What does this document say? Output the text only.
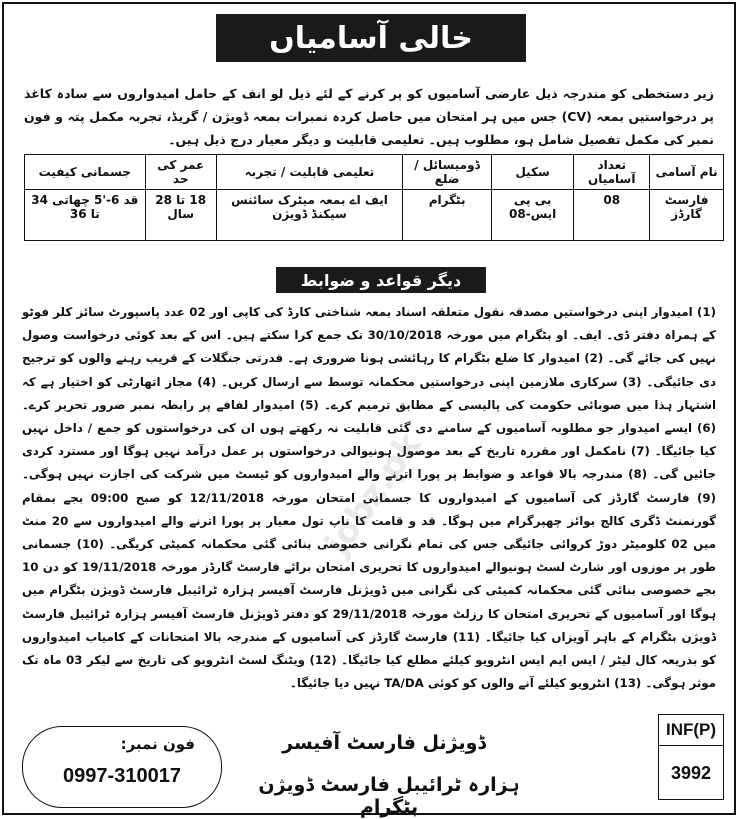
خالی آسامیاں
زیر دستخطی کو مندرجہ ذیل عارضی آسامیوں کو پر کرنے کے لئے ذیل لو انف کے حامل امیدواروں سے سادہ کاغذ پر درخواستیں بمعہ (CV) جس میں ہر امتحان میں حاصل کردہ نمبرات بمعہ ڈویژن / گریڈ، تجربہ مکمل پتہ و فون نمبر کی مکمل تفصیل شامل ہو، مطلوب ہیں۔ تعلیمی قابلیت و دیگر معیار درج ذیل ہیں۔
نام آسامی	تعداد آسامیاں	سکیل	ڈومیسائل / ضلع	تعلیمی قابلیت / تجربہ	عمر کی حد	جسمانی کیفیت
فارسٹ گارڈز	08	بی پی ایس-08	بٹگرام	ایف اے بمعہ میٹرک سائنس سیکنڈ ڈویژن	18 تا 28 سال	قد 6-'5 چھاتی 34 تا 36
دیگر قواعد و ضوابط

(1) امیدوار اپنی درخواستیں مصدقہ نقول متعلقہ اسناد بمعہ شناختی کارڈ کی کاپی اور 02 عدد پاسپورٹ سائز کلر فوٹو کے ہمراہ دفتر ڈی۔ ایف۔ او بٹگرام میں مورخہ 30/10/2018 تک جمع کرا سکتے ہیں۔ اس کے بعد کوئی درخواست وصول نہیں کی جائے گی۔ (2) امیدوار کا ضلع بٹگرام کا رہائشی ہونا ضروری ہے۔ قدرتی جنگلات کے قریب رہنے والوں کو ترجیح دی جائیگی۔ (3) سرکاری ملازمین اپنی درخواستیں محکمانہ توسط سے ارسال کریں۔ (4) مجاز اتھارٹی کو اختیار ہے کہ اشتہار ہذا میں صوبائی حکومت کی پالیسی کے مطابق ترمیم کرے۔ (5) امیدوار لفافے پر رابطہ نمبر ضرور تحریر کرے۔ (6) ایسے امیدوار جو مطلوبہ آسامیوں کے سامنے دی گئی قابلیت نہ رکھتے ہوں ان کی درخواستوں کو جمع / داخل نہیں کیا جائیگا۔ (7) نامکمل اور مقررہ تاریخ کے بعد موصول ہونیوالی درخواستوں پر عمل درآمد نہیں ہوگا اور مسترد کردی جائیں گی۔ (8) مندرجہ بالا قواعد و ضوابط پر پورا اترنے والے امیدواروں کو ٹیسٹ میں شرکت کی اجازت نہیں ہوگی۔ (9) فارسٹ گارڈز کی آسامیوں کے امیدواروں کا جسمانی امتحان مورخہ 12/11/2018 کو صبح 09:00 بجے بمقام گورنمنٹ ڈگری کالج بوائز چھپرگرام میں ہوگا۔ قد و قامت کا ناپ تول معیار پر پورا اترنے والے امیدواروں سے 20 منٹ میں 02 کلومیٹر دوڑ کروائی جائیگی جس کی تمام نگرانی خصوصی بنائی گئی محکمانہ کمیٹی کریگی۔ (10) جسمانی طور پر موزوں اور شارٹ لسٹ ہونیوالے امیدواروں کا تحریری امتحان برائے فارسٹ گارڈز مورخہ 19/11/2018 کو دن 10 بجے خصوصی بنائی گئی محکمانہ کمیٹی کی نگرانی میں ڈویژنل فارسٹ آفیسر ہزارہ ٹرائیبل فارسٹ ڈویژن بٹگرام میں ہوگا اور آسامیوں کے تحریری امتحان کا رزلٹ مورخہ 29/11/2018 کو دفتر ڈویژنل فارسٹ آفیسر ہزارہ ٹرائیبل فارسٹ ڈویژن بٹگرام کے باہر آویزاں کیا جائیگا۔ (11) فارسٹ گارڈز کی آسامیوں کے مندرجہ بالا امتحانات کے کامیاب امیدواروں کو بذریعہ کال لیٹر / ایس ایم ایس انٹرویو کیلئے مطلع کیا جائیگا۔ (12) ویٹنگ لسٹ انٹرویو کی تاریخ سے لیکر 03 ماہ تک موثر ہوگی۔ (13) انٹرویو کیلئے آنے والوں کو کوئی TA/DA نہیں دیا جائیگا۔

jobz.pk
فون نمبر:
0997-310017
ڈویژنل فارسٹ آفیسر
ہزارہ ٹرائیبل فارسٹ ڈویژن بٹگرام
INF(P)
3992
